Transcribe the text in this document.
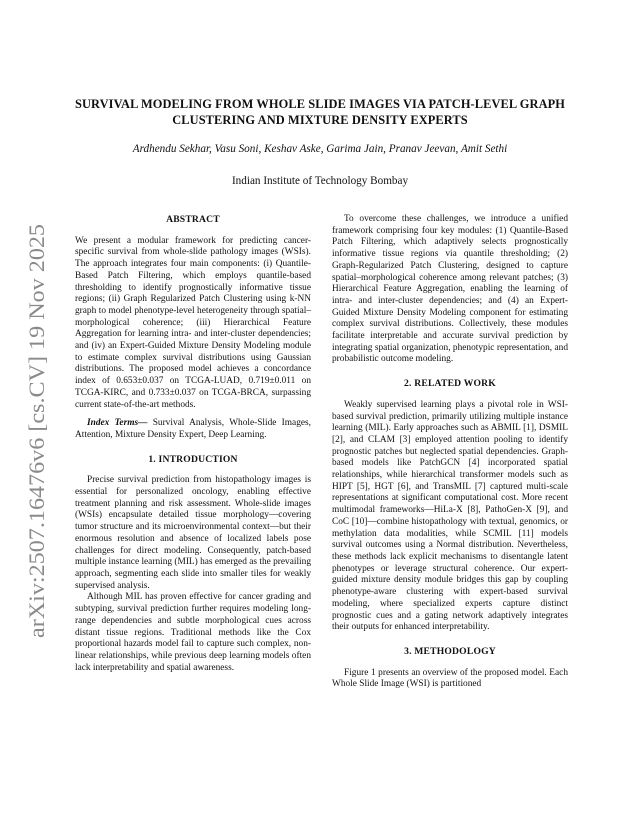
arXiv:2507.16476v6 [cs.CV] 19 Nov 2025
SURVIVAL MODELING FROM WHOLE SLIDE IMAGES VIA PATCH-LEVEL GRAPH CLUSTERING AND MIXTURE DENSITY EXPERTS
Ardhendu Sekhar, Vasu Soni, Keshav Aske, Garima Jain, Pranav Jeevan, Amit Sethi
Indian Institute of Technology Bombay
ABSTRACT

We present a modular framework for predicting cancer-specific survival from whole-slide pathology images (WSIs). The approach integrates four main components: (i) Quantile-Based Patch Filtering, which employs quantile-based thresholding to identify prognostically informative tissue regions; (ii) Graph Regularized Patch Clustering using k-NN graph to model phenotype-level heterogeneity through spatial–morphological coherence; (iii) Hierarchical Feature Aggregation for learning intra- and inter-cluster dependencies; and (iv) an Expert-Guided Mixture Density Modeling module to estimate complex survival distributions using Gaussian distributions. The proposed model achieves a concordance index of 0.653±0.037 on TCGA-LUAD, 0.719±0.011 on TCGA-KIRC, and 0.733±0.037 on TCGA-BRCA, surpassing current state-of-the-art methods.

Index Terms— Survival Analysis, Whole-Slide Images, Attention, Mixture Density Expert, Deep Learning.

1. INTRODUCTION

Precise survival prediction from histopathology images is essential for personalized oncology, enabling effective treatment planning and risk assessment. Whole-slide images (WSIs) encapsulate detailed tissue morphology—covering tumor structure and its microenvironmental context—but their enormous resolution and absence of localized labels pose challenges for direct modeling. Consequently, patch-based multiple instance learning (MIL) has emerged as the prevailing approach, segmenting each slide into smaller tiles for weakly supervised analysis.

Although MIL has proven effective for cancer grading and subtyping, survival prediction further requires modeling long-range dependencies and subtle morphological cues across distant tissue regions. Traditional methods like the Cox proportional hazards model fail to capture such complex, non-linear relationships, while previous deep learning models often lack interpretability and spatial awareness.

To overcome these challenges, we introduce a unified framework comprising four key modules: (1) Quantile-Based Patch Filtering, which adaptively selects prognostically informative tissue regions via quantile thresholding; (2) Graph-Regularized Patch Clustering, designed to capture spatial–morphological coherence among relevant patches; (3) Hierarchical Feature Aggregation, enabling the learning of intra- and inter-cluster dependencies; and (4) an Expert-Guided Mixture Density Modeling component for estimating complex survival distributions. Collectively, these modules facilitate interpretable and accurate survival prediction by integrating spatial organization, phenotypic representation, and probabilistic outcome modeling.

2. RELATED WORK

Weakly supervised learning plays a pivotal role in WSI-based survival prediction, primarily utilizing multiple instance learning (MIL). Early approaches such as ABMIL [1], DSMIL [2], and CLAM [3] employed attention pooling to identify prognostic patches but neglected spatial dependencies. Graph-based models like PatchGCN [4] incorporated spatial relationships, while hierarchical transformer models such as HIPT [5], HGT [6], and TransMIL [7] captured multi-scale representations at significant computational cost. More recent multimodal frameworks—HiLa-X [8], PathoGen-X [9], and CoC [10]—combine histopathology with textual, genomics, or methylation data modalities, while SCMIL [11] models survival outcomes using a Normal distribution. Nevertheless, these methods lack explicit mechanisms to disentangle latent phenotypes or leverage structural coherence. Our expert-guided mixture density module bridges this gap by coupling phenotype-aware clustering with expert-based survival modeling, where specialized experts capture distinct prognostic cues and a gating network adaptively integrates their outputs for enhanced interpretability.

3. METHODOLOGY

Figure 1 presents an overview of the proposed model. Each Whole Slide Image (WSI) is partitioned
